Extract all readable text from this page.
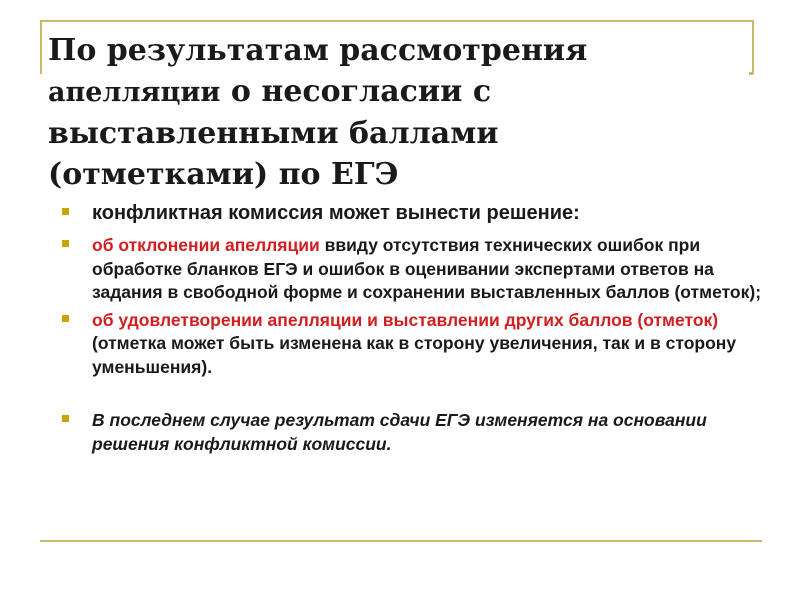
По результатам рассмотрения
апелляции о несогласии с
выставленными баллами
(отметками) по ЕГЭ
конфликтная комиссия может вынести решение:
об отклонении апелляции ввиду отсутствия технических ошибок при обработке бланков ЕГЭ и ошибок в оценивании экспертами ответов на задания в свободной форме и сохранении выставленных баллов (отметок);
об удовлетворении апелляции и выставлении других баллов (отметок) (отметка может быть изменена как в сторону увеличения, так и в сторону уменьшения).
В последнем случае результат сдачи ЕГЭ изменяется на основании решения конфликтной комиссии.
